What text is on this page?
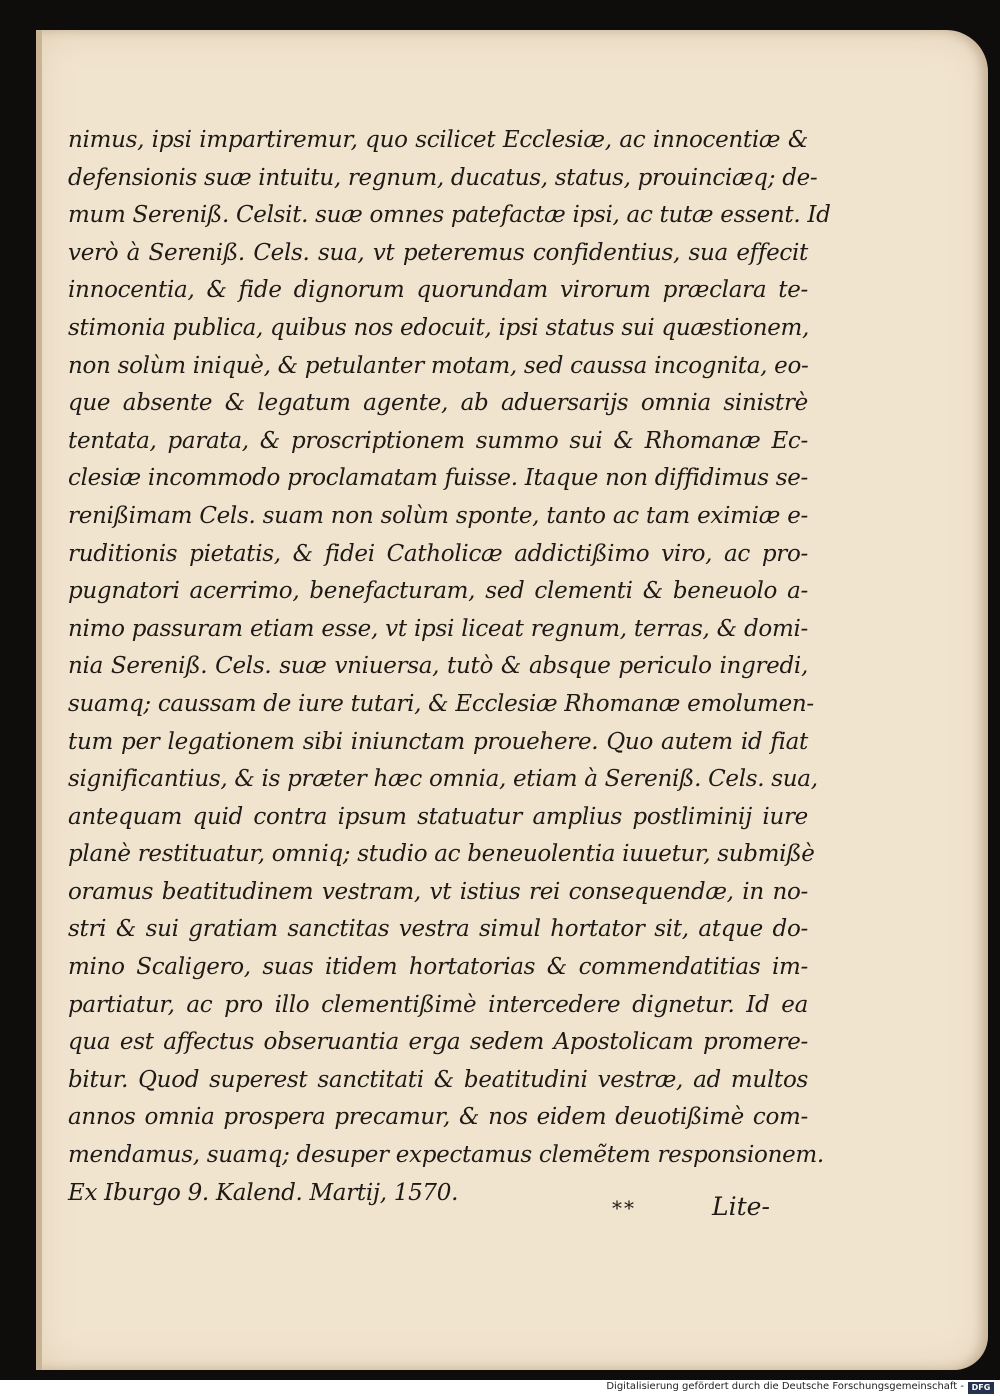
nimus, ipsi impartiremur, quo scilicet Ecclesiæ, ac innocentiæ &
defensionis suæ intuitu, regnum, ducatus, status, prouinciæq; de-
mum Sereniß. Celsit. suæ omnes patefactæ ipsi, ac tutæ essent. Id
verò à Sereniß. Cels. sua, vt peteremus confidentius, sua effecit
innocentia, & fide dignorum quorundam virorum præclara te-
stimonia publica, quibus nos edocuit, ipsi status sui quæstionem,
non solùm iniquè, & petulanter motam, sed caussa incognita, eo-
que absente & legatum agente, ab aduersarijs omnia sinistrè
tentata, parata, & proscriptionem summo sui & Rhomanæ Ec-
clesiæ incommodo proclamatam fuisse. Itaque non diffidimus se-
renißimam Cels. suam non solùm sponte, tanto ac tam eximiæ e-
ruditionis pietatis, & fidei Catholicæ addictißimo viro, ac pro-
pugnatori acerrimo, benefacturam, sed clementi & beneuolo a-
nimo passuram etiam esse, vt ipsi liceat regnum, terras, & domi-
nia Sereniß. Cels. suæ vniuersa, tutò & absque periculo ingredi,
suamq; caussam de iure tutari, & Ecclesiæ Rhomanæ emolumen-
tum per legationem sibi iniunctam prouehere. Quo autem id fiat
significantius, & is præter hæc omnia, etiam à Sereniß. Cels. sua,
antequam quid contra ipsum statuatur amplius postliminij iure
planè restituatur, omniq; studio ac beneuolentia iuuetur, submißè
oramus beatitudinem vestram, vt istius rei consequendæ, in no-
stri & sui gratiam sanctitas vestra simul hortator sit, atque do-
mino Scaligero, suas itidem hortatorias & commendatitias im-
partiatur, ac pro illo clementißimè intercedere dignetur. Id ea
qua est affectus obseruantia erga sedem Apostolicam promere-
bitur. Quod superest sanctitati & beatitudini vestræ, ad multos
annos omnia prospera precamur, & nos eidem deuotißimè com-
mendamus, suamq; desuper expectamus clemẽtem responsionem.
Ex Iburgo 9. Kalend. Martij, 1570.
**	Lite-
Digitalisierung gefördert durch die Deutsche Forschungsgemeinschaft - DFG
